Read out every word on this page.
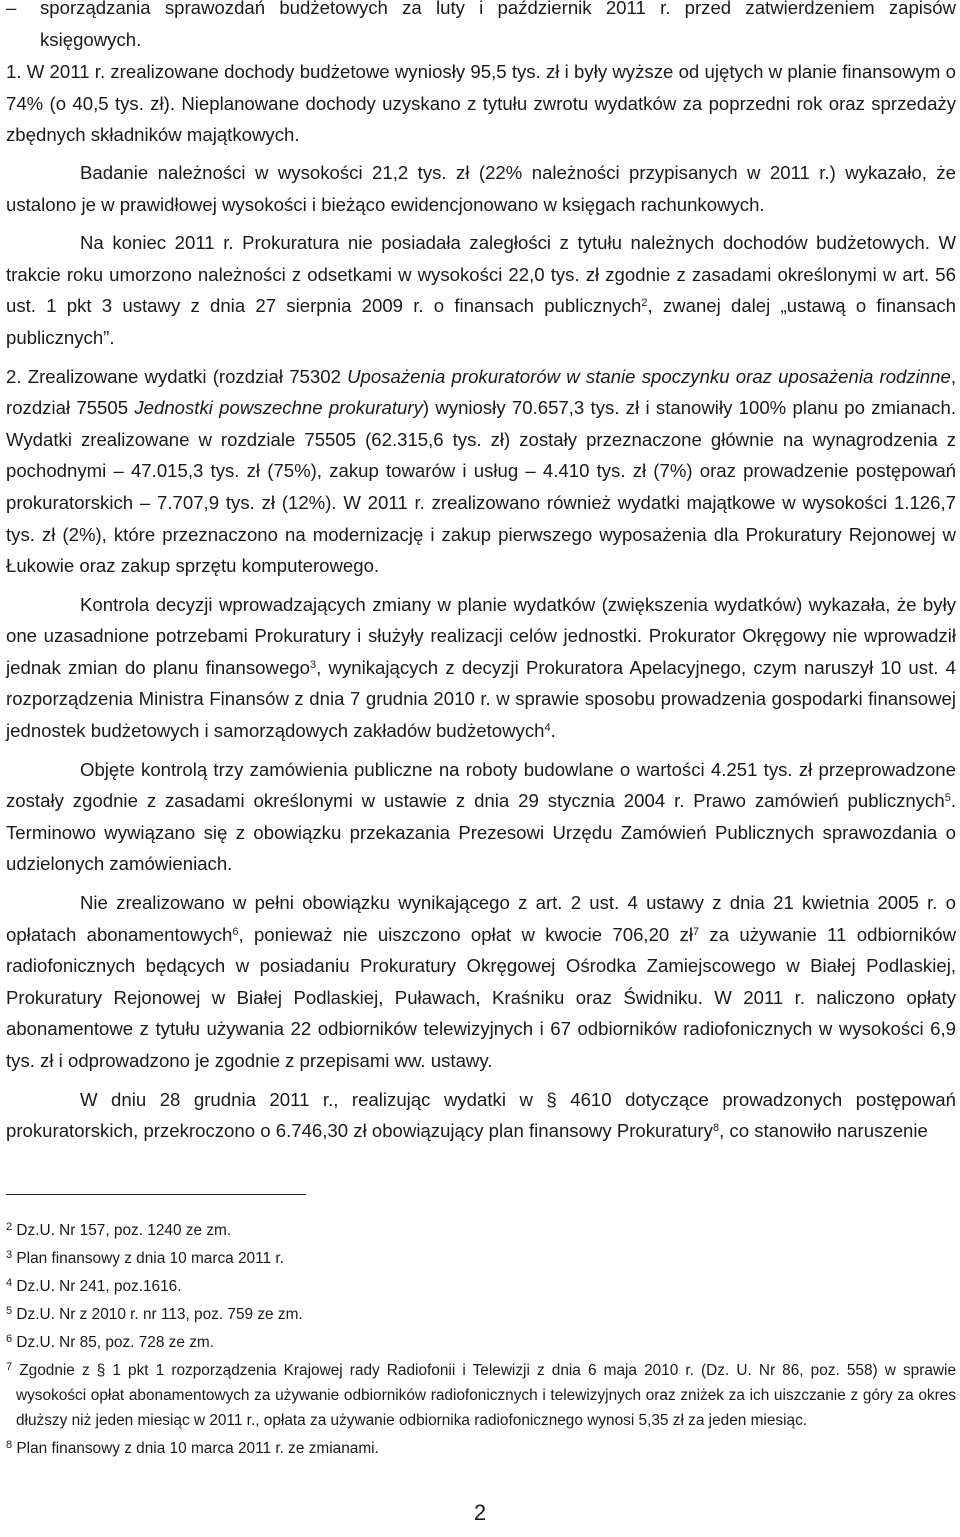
– sporządzania sprawozdań budżetowych za luty i październik 2011 r. przed zatwierdzeniem zapisów księgowych.

1. W 2011 r. zrealizowane dochody budżetowe wyniosły 95,5 tys. zł i były wyższe od ujętych w planie finansowym o 74% (o 40,5 tys. zł). Nieplanowane dochody uzyskano z tytułu zwrotu wydatków za poprzedni rok oraz sprzedaży zbędnych składników majątkowych.

Badanie należności w wysokości 21,2 tys. zł (22% należności przypisanych w 2011 r.) wykazało, że ustalono je w prawidłowej wysokości i bieżąco ewidencjonowano w księgach rachunkowych.

Na koniec 2011 r. Prokuratura nie posiadała zaległości z tytułu należnych dochodów budżetowych. W trakcie roku umorzono należności z odsetkami w wysokości 22,0 tys. zł zgodnie z zasadami określonymi w art. 56 ust. 1 pkt 3 ustawy z dnia 27 sierpnia 2009 r. o finansach publicznych$^2$, zwanej dalej „ustawą o finansach publicznych”.

2. Zrealizowane wydatki (rozdział 75302 Uposażenia prokuratorów w stanie spoczynku oraz uposażenia rodzinne, rozdział 75505 Jednostki powszechne prokuratury) wyniosły 70.657,3 tys. zł i stanowiły 100% planu po zmianach. Wydatki zrealizowane w rozdziale 75505 (62.315,6 tys. zł) zostały przeznaczone głównie na wynagrodzenia z pochodnymi – 47.015,3 tys. zł (75%), zakup towarów i usług – 4.410 tys. zł (7%) oraz prowadzenie postępowań prokuratorskich – 7.707,9 tys. zł (12%). W 2011 r. zrealizowano również wydatki majątkowe w wysokości 1.126,7 tys. zł (2%), które przeznaczono na modernizację i zakup pierwszego wyposażenia dla Prokuratury Rejonowej w Łukowie oraz zakup sprzętu komputerowego.

Kontrola decyzji wprowadzających zmiany w planie wydatków (zwiększenia wydatków) wykazała, że były one uzasadnione potrzebami Prokuratury i służyły realizacji celów jednostki. Prokurator Okręgowy nie wprowadził jednak zmian do planu finansowego$^3$, wynikających z decyzji Prokuratora Apelacyjnego, czym naruszył 10 ust. 4 rozporządzenia Ministra Finansów z dnia 7 grudnia 2010 r. w sprawie sposobu prowadzenia gospodarki finansowej jednostek budżetowych i samorządowych zakładów budżetowych$^4$.

Objęte kontrolą trzy zamówienia publiczne na roboty budowlane o wartości 4.251 tys. zł przeprowadzone zostały zgodnie z zasadami określonymi w ustawie z dnia 29 stycznia 2004 r. Prawo zamówień publicznych$^5$. Terminowo wywiązano się z obowiązku przekazania Prezesowi Urzędu Zamówień Publicznych sprawozdania o udzielonych zamówieniach.

Nie zrealizowano w pełni obowiązku wynikającego z art. 2 ust. 4 ustawy z dnia 21 kwietnia 2005 r. o opłatach abonamentowych$^6$, ponieważ nie uiszczono opłat w kwocie 706,20 $zł^7$ za używanie 11 odbiorników radiofonicznych będących w posiadaniu Prokuratury Okręgowej Ośrodka Zamiejscowego w Białej Podlaskiej, Prokuratury Rejonowej w Białej Podlaskiej, Puławach, Kraśniku oraz Świdniku. W 2011 r. naliczono opłaty abonamentowe z tytułu używania 22 odbiorników telewizyjnych i 67 odbiorników radiofonicznych w wysokości 6,9 tys. zł i odprowadzono je zgodnie z przepisami ww. ustawy.

W dniu 28 grudnia 2011 r., realizując wydatki w § 4610 dotyczące prowadzonych postępowań prokuratorskich, przekroczono o 6.746,30 zł obowiązujący plan finansowy Prokuratury$^8$, co stanowiło naruszenie

$^2$ Dz.U. Nr 157, poz. 1240 ze zm.

$^3$ Plan finansowy z dnia 10 marca 2011 r.

$^4$ Dz.U. Nr 241, poz.1616.

$^5$ Dz.U. Nr z 2010 r. nr 113, poz. 759 ze zm.

$^6$ Dz.U. Nr 85, poz. 728 ze zm.

$^7$ Zgodnie z § 1 pkt 1 rozporządzenia Krajowej rady Radiofonii i Telewizji z dnia 6 maja 2010 r. (Dz. U. Nr 86, poz. 558) w sprawie wysokości opłat abonamentowych za używanie odbiorników radiofonicznych i telewizyjnych oraz zniżek za ich uiszczanie z góry za okres dłuższy niż jeden miesiąc w 2011 r., opłata za używanie odbiornika radiofonicznego wynosi 5,35 zł za jeden miesiąc.

$^8$ Plan finansowy z dnia 10 marca 2011 r. ze zmianami.

2
